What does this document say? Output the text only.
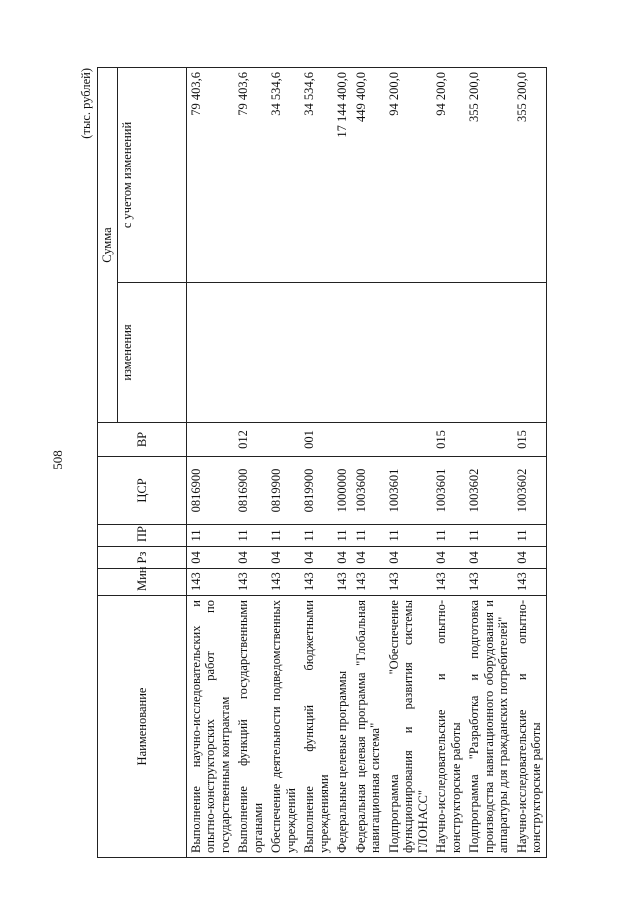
508
(тыс. рублей)
Наименование	Мин	Рз	ПР	ЦСР	ВР	Сумма	
						изменения	с учетом изменений
Выполнение научно-исследовательских и опытно-конструкторских работ по государственным контрактам	143	04	11	0816900			79 403,6
Выполнение функций государственными органами	143	04	11	0816900	012		79 403,6
Обеспечение деятельности подведомственных учреждений	143	04	11	0819900			34 534,6
Выполнение функций бюджетными учреждениями	143	04	11	0819900	001		34 534,6
Федеральные целевые программы	143	04	11	1000000			17 144 400,0
Федеральная целевая программа "Глобальная навигационная система"	143	04	11	1003600			449 400,0
Подпрограмма "Обеспечение функционирования и развития системы ГЛОНАСС"	143	04	11	1003601			94 200,0
Научно-исследовательские и опытно-конструкторские работы	143	04	11	1003601	015		94 200,0
Подпрограмма "Разработка и подготовка производства навигационного оборудования и аппаратуры для гражданских потребителей"	143	04	11	1003602			355 200,0
Научно-исследовательские и опытно-конструкторские работы	143	04	11	1003602	015		355 200,0
